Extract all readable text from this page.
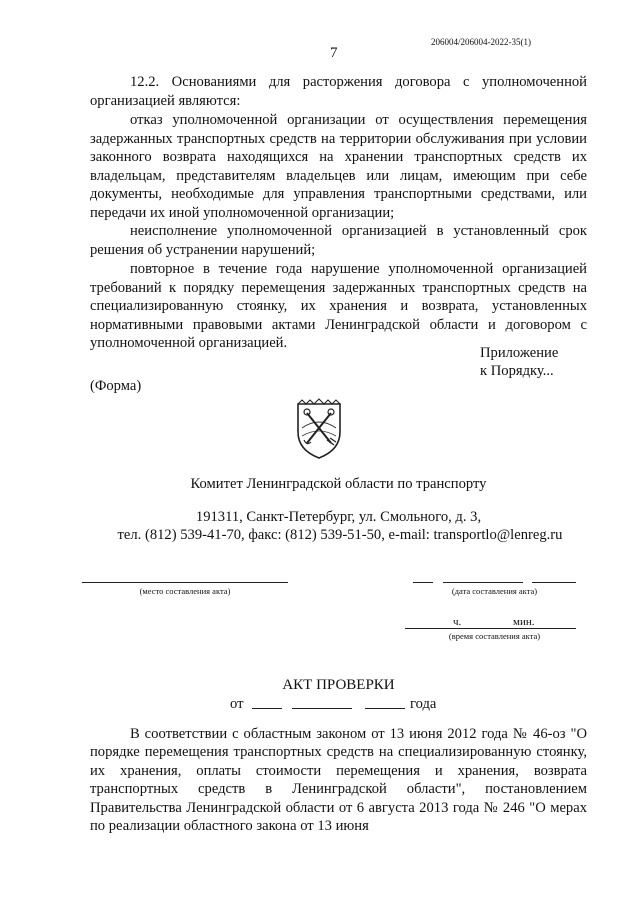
7
206004/206004-2022-35(1)

12.2. Основаниями для расторжения договора с уполномоченной организацией являются:

отказ уполномоченной организации от осуществления перемещения задержанных транспортных средств на территории обслуживания при условии законного возврата находящихся на хранении транспортных средств их владельцам, представителям владельцев или лицам, имеющим при себе документы, необходимые для управления транспортными средствами, или передачи их иной уполномоченной организации;

неисполнение уполномоченной организацией в установленный срок решения об устранении нарушений;

повторное в течение года нарушение уполномоченной организацией требований к порядку перемещения задержанных транспортных средств на специализированную стоянку, их хранения и возврата, установленных нормативными правовыми актами Ленинградской области и договором с уполномоченной организацией.

Приложение
к Порядку...
(Форма)
Комитет Ленинградской области по транспорту
191311, Санкт-Петербург, ул. Смольного, д. 3,
тел. (812) 539-41-70, факс: (812) 539-51-50, e-mail: transportlo@lenreg.ru
(место составления акта)	(дата составления акта)
ч.	мин.
(время составления акта)
АКТ ПРОВЕРКИ
от	года

В соответствии с областным законом от 13 июня 2012 года № 46-оз "О порядке перемещения транспортных средств на специализированную стоянку, их хранения, оплаты стоимости перемещения и хранения, возврата транспортных средств в Ленинградской области", постановлением Правительства Ленинградской области от 6 августа 2013 года № 246 "О мерах по реализации областного закона от 13 июня
